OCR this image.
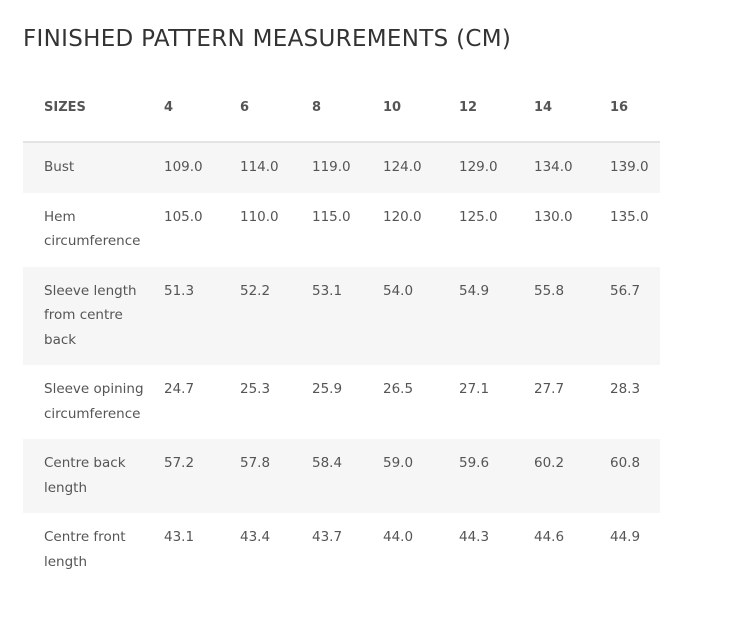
FINISHED PATTERN MEASUREMENTS (CM)
SIZES	4	6	8	10	12	14	16
Bust	109.0	114.0	119.0	124.0	129.0	134.0	139.0
Hem circumference	105.0	110.0	115.0	120.0	125.0	130.0	135.0
Sleeve length from centre back	51.3	52.2	53.1	54.0	54.9	55.8	56.7
Sleeve opining circumference	24.7	25.3	25.9	26.5	27.1	27.7	28.3
Centre back length	57.2	57.8	58.4	59.0	59.6	60.2	60.8
Centre front length	43.1	43.4	43.7	44.0	44.3	44.6	44.9
